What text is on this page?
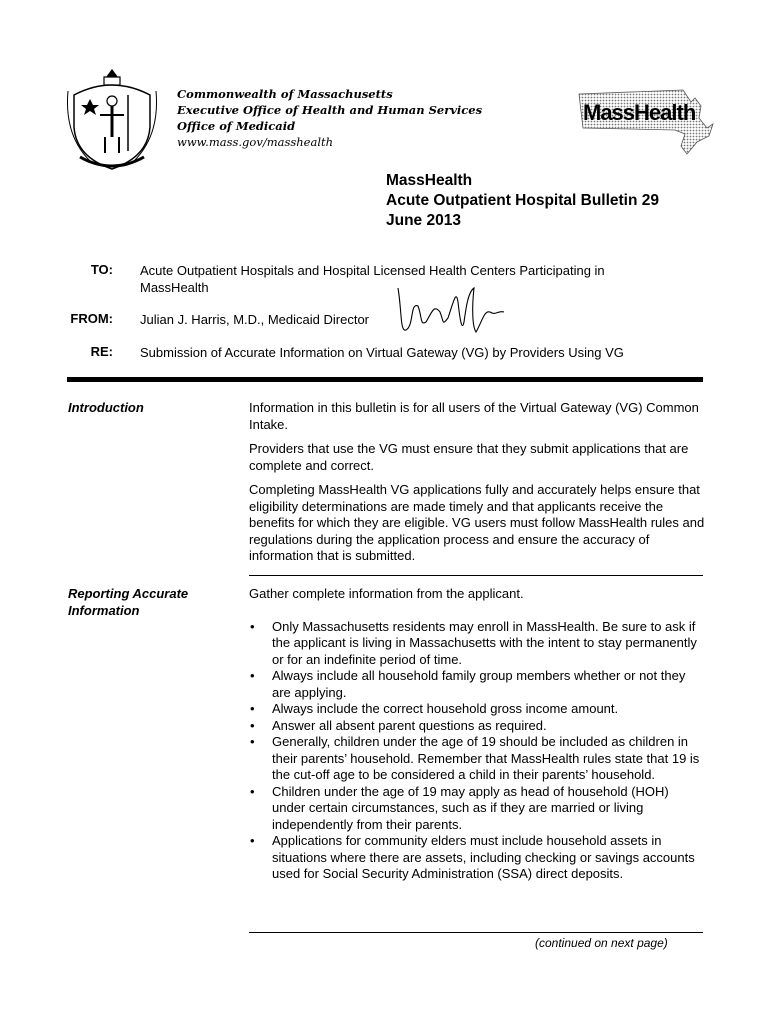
Commonwealth of Massachusetts
Executive Office of Health and Human Services
Office of Medicaid
www.mass.gov/masshealth
MassHealth
MassHealth
Acute Outpatient Hospital Bulletin 29
June 2013
TO: Acute Outpatient Hospitals and Hospital Licensed Health Centers Participating in MassHealth
FROM: Julian J. Harris, M.D., Medicaid Director
RE: Submission of Accurate Information on Virtual Gateway (VG) by Providers Using VG
Introduction	Information in this bulletin is for all users of the Virtual Gateway (VG) Common Intake.

Providers that use the VG must ensure that they submit applications that are complete and correct.

Completing MassHealth VG applications fully and accurately helps ensure that eligibility determinations are made timely and that applicants receive the benefits for which they are eligible. VG users must follow MassHealth rules and regulations during the application process and ensure the accuracy of information that is submitted.

Reporting Accurate
Information

Gather complete information from the applicant.

• Only Massachusetts residents may enroll in MassHealth. Be sure to ask if the applicant is living in Massachusetts with the intent to stay permanently or for an indefinite period of time.
• Always include all household family group members whether or not they are applying.
• Always include the correct household gross income amount.
• Answer all absent parent questions as required.
• Generally, children under the age of 19 should be included as children in their parents’ household. Remember that MassHealth rules state that 19 is the cut-off age to be considered a child in their parents’ household.
• Children under the age of 19 may apply as head of household (HOH) under certain circumstances, such as if they are married or living independently from their parents.
• Applications for community elders must include household assets in situations where there are assets, including checking or savings accounts used for Social Security Administration (SSA) direct deposits.
(continued on next page)
